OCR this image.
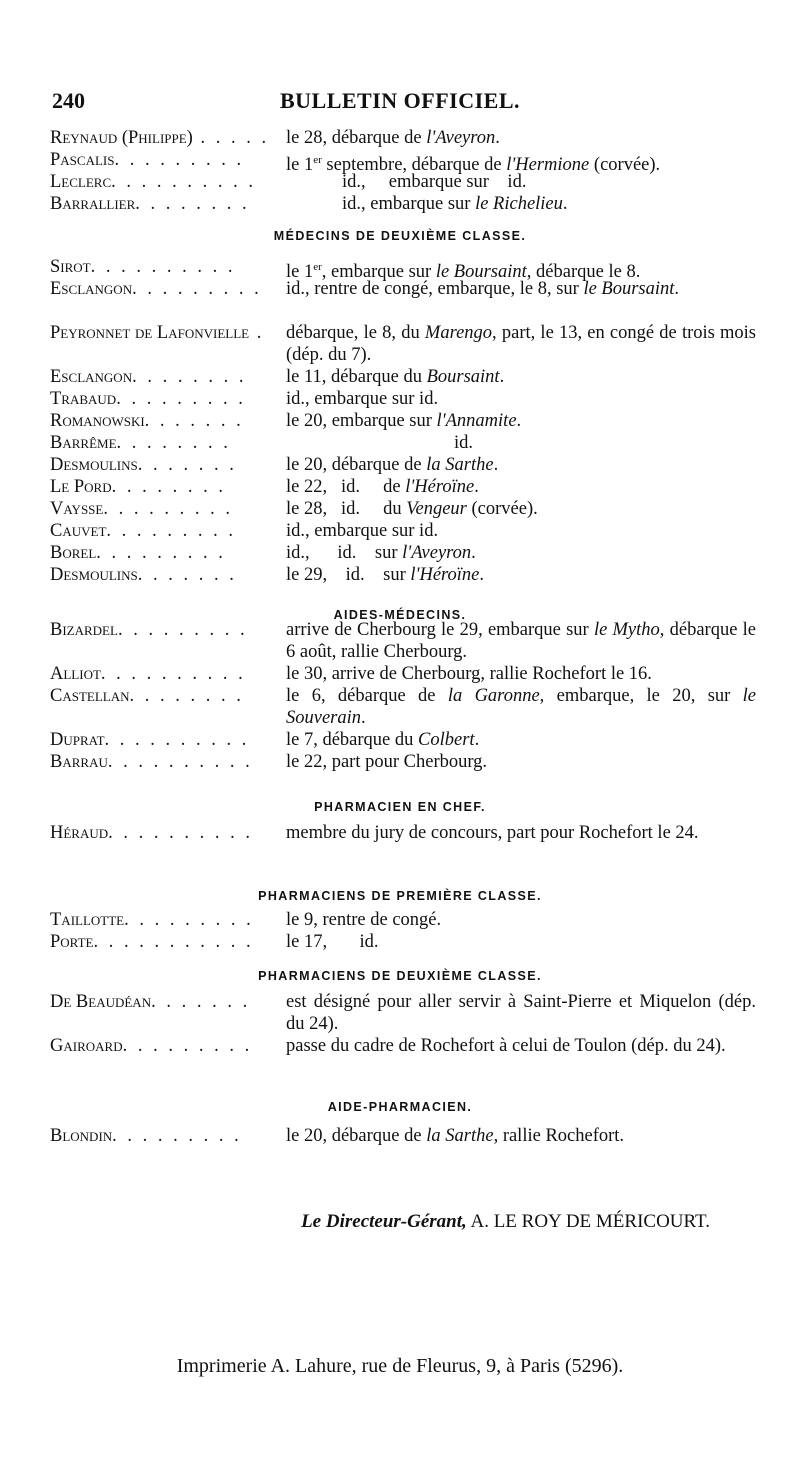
240	BULLETIN OFFICIEL.
Reynaud (Philippe) . . . . . le 28, débarque de l'Aveyron.
Pascalis. . . . . . . . .	le 1er septembre, débarque de l'Hermione (corvée).
Leclerc. . . . . . . . . .	id.,     embarque sur    id.
Barrallier. . . . . . . .	id., embarque sur le Richelieu.
MÉDECINS DE DEUXIÈME CLASSE.
Sirot. . . . . . . . . .	le 1er, embarque sur le Boursaint, débarque le 8.
Esclangon. . . . . . . . .	id., rentre de congé, embarque, le 8, sur le Boursaint.
Peyronnet de Lafonvielle .	débarque, le 8, du Marengo, part, le 13, en congé de trois mois (dép. du 7).
Esclangon. . . . . . . .	le 11, débarque du Boursaint.
Trabaud. . . . . . . . .	id., embarque sur id.
Romanowski. . . . . . .	le 20, embarque sur l'Annamite.
Barrême. . . . . . . .	id.
Desmoulins. . . . . . .	le 20, débarque de la Sarthe.
Le Pord. . . . . . . .	le 22,   id.     de l'Héroïne.
Vaysse. . . . . . . . .	le 28,   id.     du Vengeur (corvée).
Cauvet. . . . . . . . .	id., embarque sur id.
Borel. . . . . . . . .	id.,      id.    sur l'Aveyron.
Desmoulins. . . . . . .	le 29,    id.    sur l'Héroïne.
AIDES-MÉDECINS.
Bizardel. . . . . . . . .	arrive de Cherbourg le 29, embarque sur le Mytho, débarque le 6 août, rallie Cherbourg.
Alliot. . . . . . . . . .	le 30, arrive de Cherbourg, rallie Rochefort le 16.
Castellan. . . . . . . .	le 6, débarque de la Garonne, embarque, le 20, sur le Souverain.
Duprat. . . . . . . . . .	le 7, débarque du Colbert.
Barrau. . . . . . . . . .	le 22, part pour Cherbourg.
PHARMACIEN EN CHEF.
Héraud. . . . . . . . . .	membre du jury de concours, part pour Rochefort le 24.
PHARMACIENS DE PREMIÈRE CLASSE.
Taillotte. . . . . . . . .	le 9, rentre de congé.
Porte. . . . . . . . . . .	le 17,       id.
PHARMACIENS DE DEUXIÈME CLASSE.
De Beaudéan. . . . . . .	est désigné pour aller servir à Saint-Pierre et Miquelon (dép. du 24).
Gairoard. . . . . . . . .	passe du cadre de Rochefort à celui de Toulon (dép. du 24).
AIDE-PHARMACIEN.
Blondin. . . . . . . . .	le 20, débarque de la Sarthe, rallie Rochefort.
Le Directeur-Gérant, A. LE ROY DE MÉRICOURT.
Imprimerie A. Lahure, rue de Fleurus, 9, à Paris (5296).
